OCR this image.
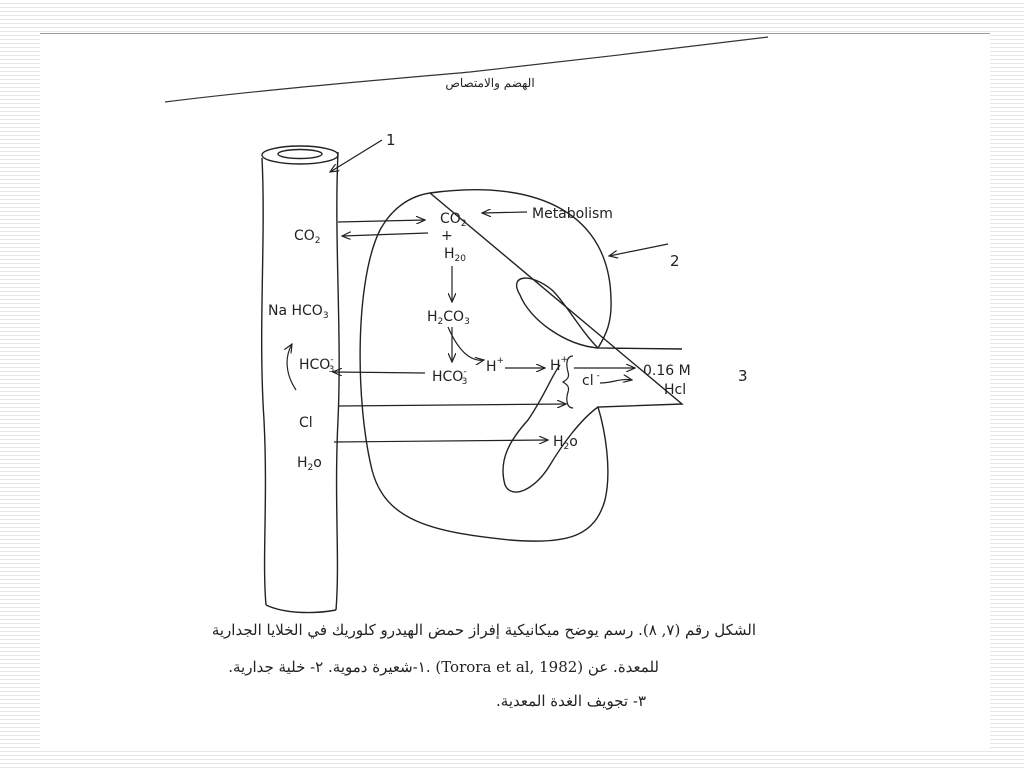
الهضم والامتصاص
1
2
3
$CO_2$
$CO_2$
+
$H_{20}$
Metabolism
$H_2CO_3$
Na $HCO_3$
HCO-3	HCO-3
H+	H+
cl -	0.16 M
Hcl
Cl
$H_2o$
$H_2o$
الشكل رقم (٧, ٨). رسم يوضح ميكانيكية إفراز حمض الهيدرو كلوريك في الخلايا الجدارية
للمعدة. عن (Torora et al, 1982) .١-شعيرة دموية. ٢- خلية جدارية.
٣- تجويف الغدة المعدية.
